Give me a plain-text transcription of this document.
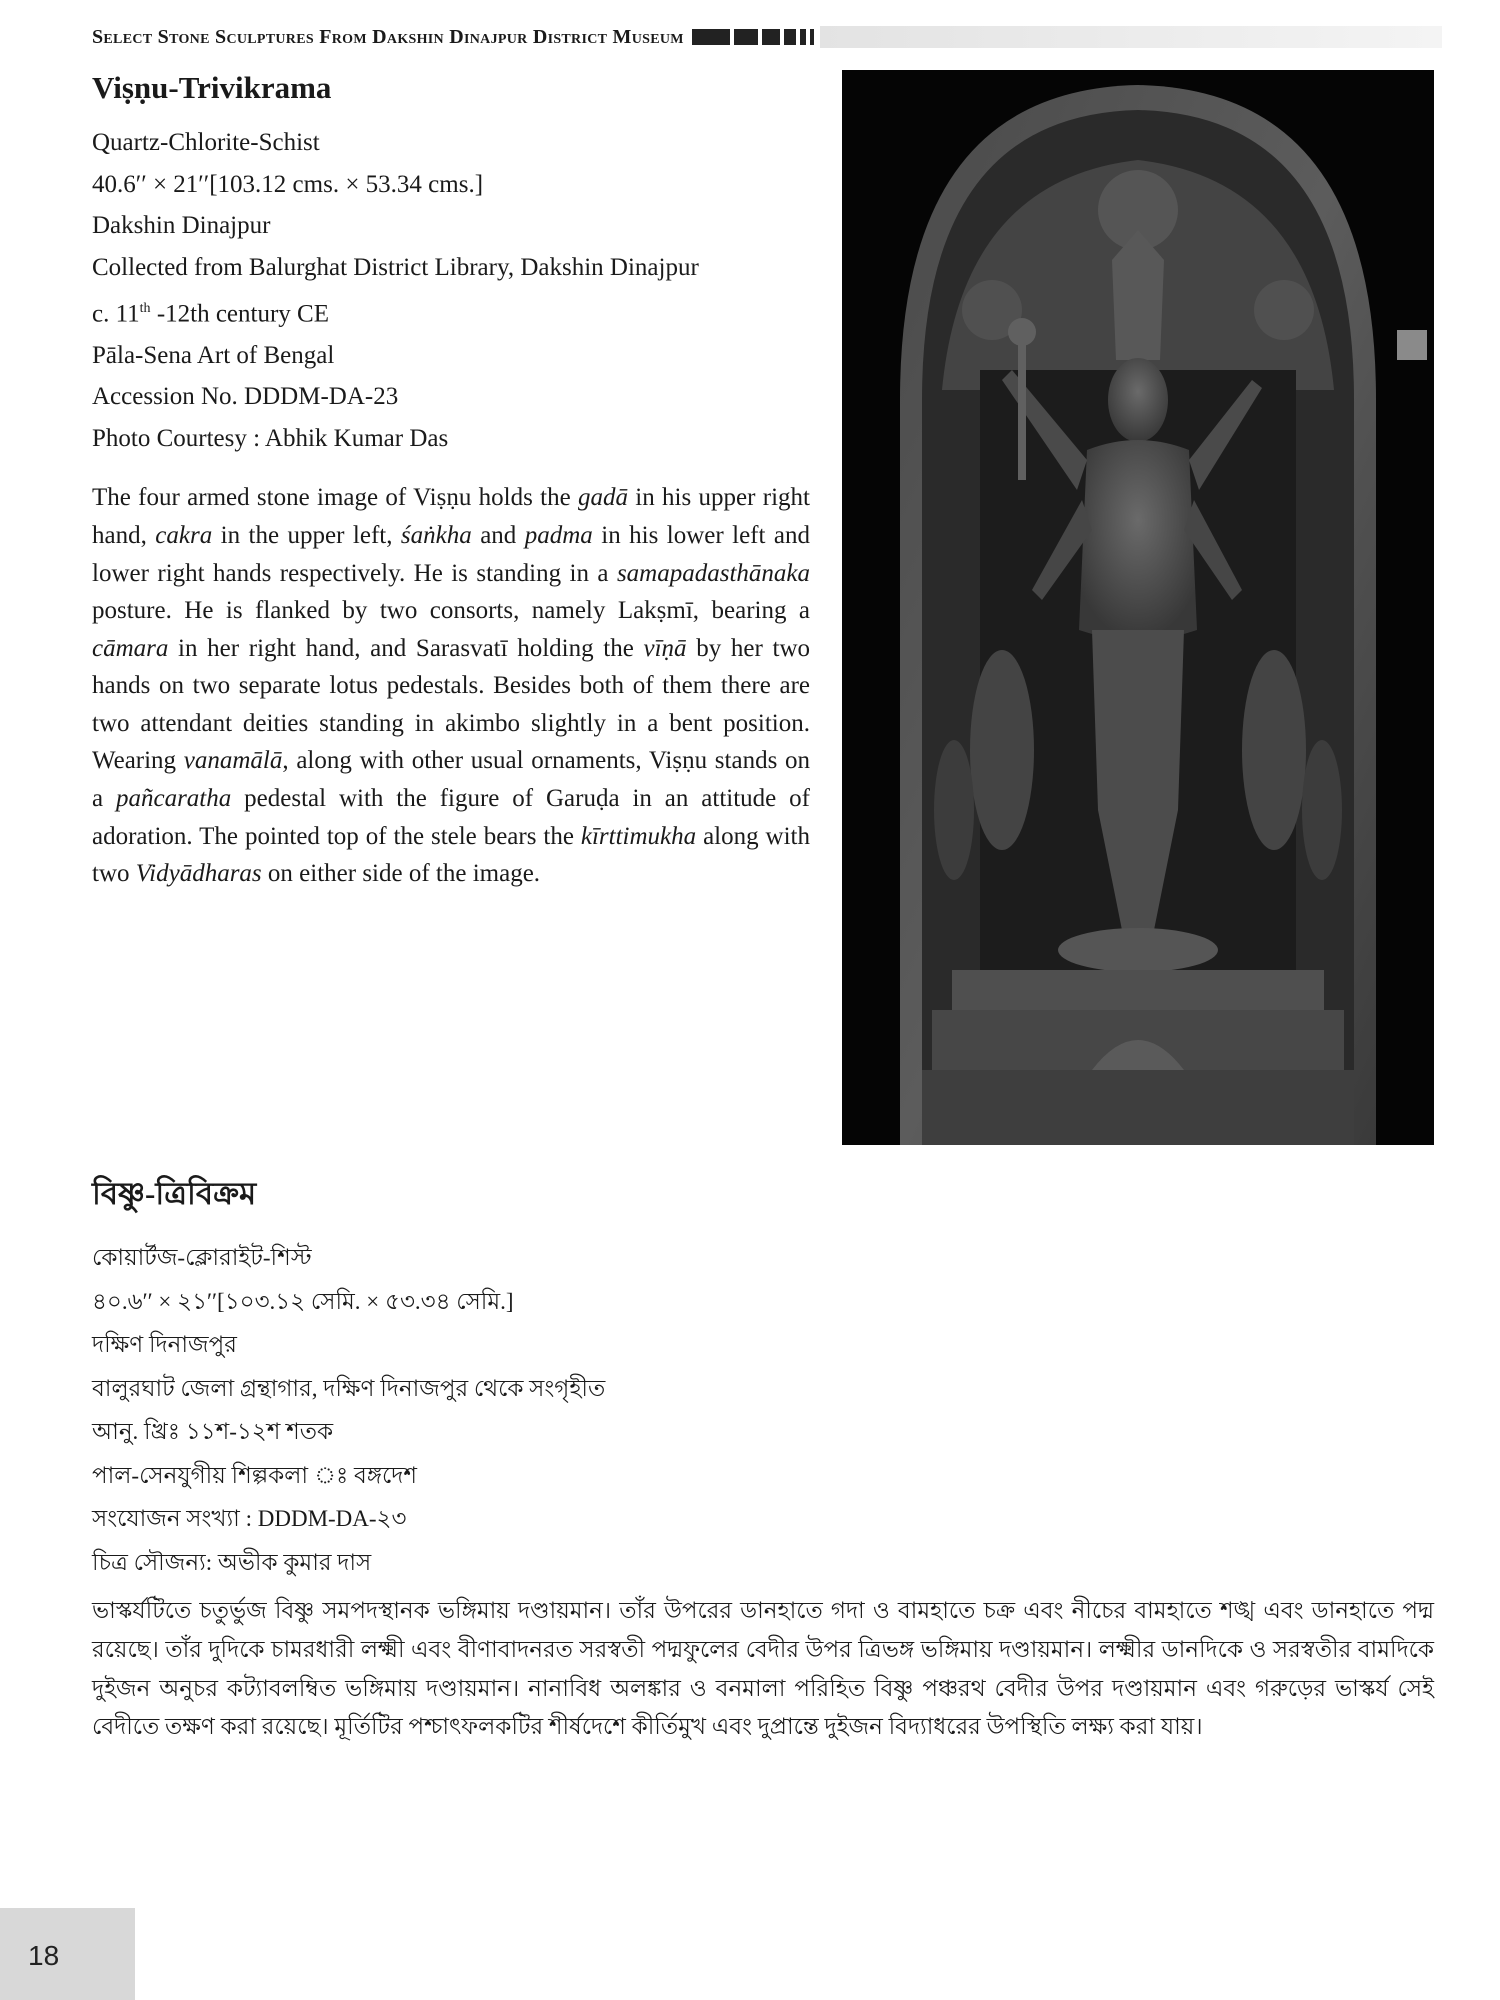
Select Stone Sculptures From Dakshin Dinajpur District Museum
Viṣṇu-Trivikrama

Quartz-Chlorite-Schist

40.6′′ × 21′′[103.12 cms. × 53.34 cms.]

Dakshin Dinajpur

Collected from Balurghat District Library, Dakshin Dinajpur

c. 11th -12th century CE

Pāla-Sena Art of Bengal

Accession No. DDDM-DA-23

Photo Courtesy : Abhik Kumar Das

The four armed stone image of Viṣṇu holds the gadā in his upper right hand, cakra in the upper left, śaṅkha and padma in his lower left and lower right hands respectively. He is standing in a samapadasthānaka posture. He is flanked by two consorts, namely Lakṣmī, bearing a cāmara in her right hand, and Sarasvatī holding the vīṇā by her two hands on two separate lotus pedestals. Besides both of them there are two attendant deities standing in akimbo slightly in a bent position. Wearing vanamālā, along with other usual ornaments, Viṣṇu stands on a pañcaratha pedestal with the figure of Garuḍa in an attitude of adoration. The pointed top of the stele bears the kīrttimukha along with two Vidyādharas on either side of the image.
বিষ্ণু-ত্রিবিক্রম

কোয়ার্টজ-ক্লোরাইট-শিস্ট

৪০.৬′′ × ২১′′[১০৩.১২ সেমি. × ৫৩.৩৪ সেমি.]

দক্ষিণ দিনাজপুর

বালুরঘাট জেলা গ্রন্থাগার, দক্ষিণ দিনাজপুর থেকে সংগৃহীত

আনু. খ্রিঃ ১১শ-১২শ শতক

পাল-সেনযুগীয় শিল্পকলা ঃ বঙ্গদেশ

সংযোজন সংখ্যা : DDDM-DA-২৩

চিত্র সৌজন্য: অভীক কুমার দাস

ভাস্কর্যটিতে চতুর্ভুজ বিষ্ণু সমপদস্থানক ভঙ্গিমায় দণ্ডায়মান। তাঁর উপরের ডানহাতে গদা ও বামহাতে চক্র এবং নীচের বামহাতে শঙ্খ এবং ডানহাতে পদ্ম রয়েছে। তাঁর দুদিকে চামরধারী লক্ষ্মী এবং বীণাবাদনরত সরস্বতী পদ্মফুলের বেদীর উপর ত্রিভঙ্গ ভঙ্গিমায় দণ্ডায়মান। লক্ষ্মীর ডানদিকে ও সরস্বতীর বামদিকে দুইজন অনুচর কট্যাবলম্বিত ভঙ্গিমায় দণ্ডায়মান। নানাবিধ অলঙ্কার ও বনমালা পরিহিত বিষ্ণু পঞ্চরথ বেদীর উপর দণ্ডায়মান এবং গরুড়ের ভাস্কর্য সেই বেদীতে তক্ষণ করা রয়েছে। মূর্তিটির পশ্চাৎফলকটির শীর্ষদেশে কীর্তিমুখ এবং দুপ্রান্তে দুইজন বিদ্যাধরের উপস্থিতি লক্ষ্য করা যায়।
18
